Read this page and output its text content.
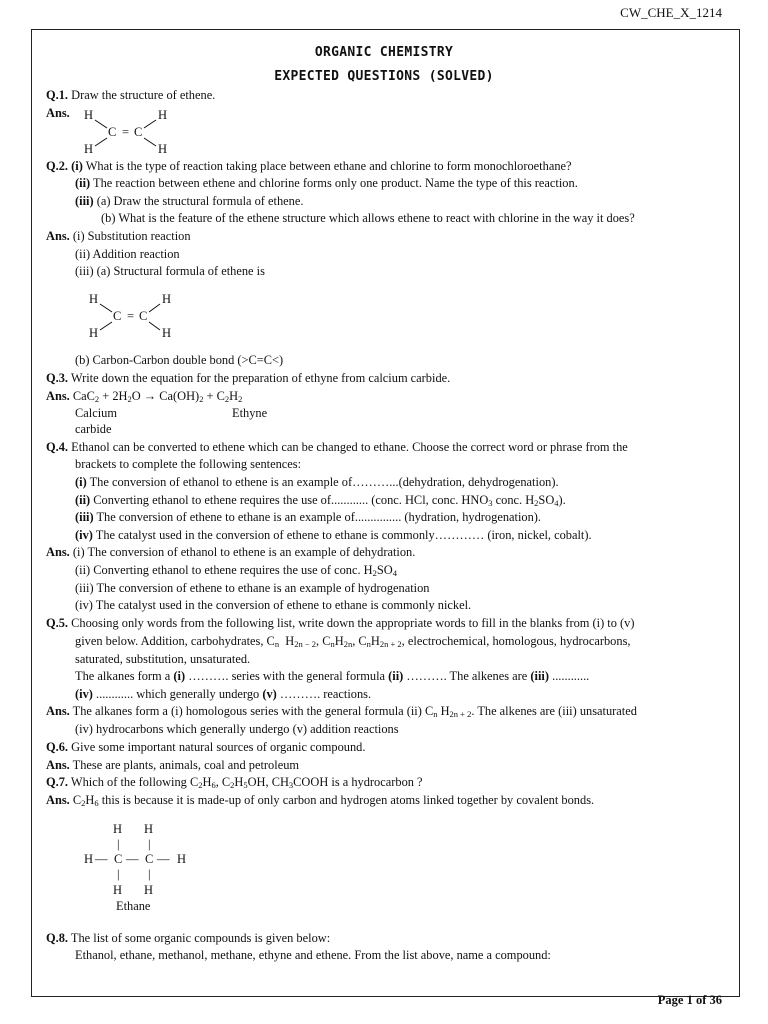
CW_CHE_X_1214
ORGANIC CHEMISTRY
EXPECTED QUESTIONS (SOLVED)
Q.1. Draw the structure of ethene.
Ans. H	H
C = C
H	H
Q.2. (i) What is the type of reaction taking place between ethane and chlorine to form monochloroethane?
(ii) The reaction between ethene and chlorine forms only one product. Name the type of this reaction.
(iii) (a) Draw the structural formula of ethene.
(b) What is the feature of the ethene structure which allows ethene to react with chlorine in the way it does?
Ans. (i) Substitution reaction
(ii) Addition reaction
(iii) (a) Structural formula of ethene is
H	H
C = C
H	H
(b) Carbon-Carbon double bond (>C=C<)
Q.3. Write down the equation for the preparation of ethyne from calcium carbide.
Ans. $CaC_2 + 2H_2O \to Ca(OH)_2 + C_2H_2$
Calcium	Ethyne
carbide
Q.4. Ethanol can be converted to ethene which can be changed to ethane. Choose the correct word or phrase from the
brackets to complete the following sentences:
(i) The conversion of ethanol to ethene is an example of………...(dehydration, dehydrogenation).
(ii) Converting ethanol to ethene requires the use of............ (conc. HCl, conc. $HNO_3$ conc. $H_2SO_4$).
(iii) The conversion of ethene to ethane is an example of............... (hydration, hydrogenation).
(iv) The catalyst used in the conversion of ethene to ethane is commonly………… (iron, nickel, cobalt).
Ans. (i) The conversion of ethanol to ethene is an example of dehydration.
(ii) Converting ethanol to ethene requires the use of conc. $H_2SO_4$
(iii) The conversion of ethene to ethane is an example of hydrogenation
(iv) The catalyst used in the conversion of ethene to ethane is commonly nickel.
Q.5. Choosing only words from the following list, write down the appropriate words to fill in the blanks from (i) to (v)
given below. Addition, carbohydrates, $C_n$  $H_{2n - 2}$, $C_nH_{2n}$, $C_nH_{2n + 2}$, electrochemical, homologous, hydrocarbons,
saturated, substitution, unsaturated.
The alkanes form a (i) ………. series with the general formula (ii) ………. The alkenes are (iii) ............
(iv) ............ which generally undergo (v) ………. reactions.
Ans. The alkanes form a (i) homologous series with the general formula (ii) $C_n$ $H_{2n + 2}$. The alkenes are (iii) unsaturated
(iv) hydrocarbons which generally undergo (v) addition reactions
Q.6. Give some important natural sources of organic compound.
Ans. These are plants, animals, coal and petroleum
Q.7. Which of the following $C_2H_6$, $C_2H_5OH$, $CH_3COOH$ is a hydrocarbon ?
Ans. $C_2H_6$ this is because it is made-up of only carbon and hydrogen atoms linked together by covalent bonds.
H H
| |
H — C — C — H
| |
H H
Ethane
Q.8. The list of some organic compounds is given below:
Ethanol, ethane, methanol, methane, ethyne and ethene. From the list above, name a compound:
Page 1 of 36
